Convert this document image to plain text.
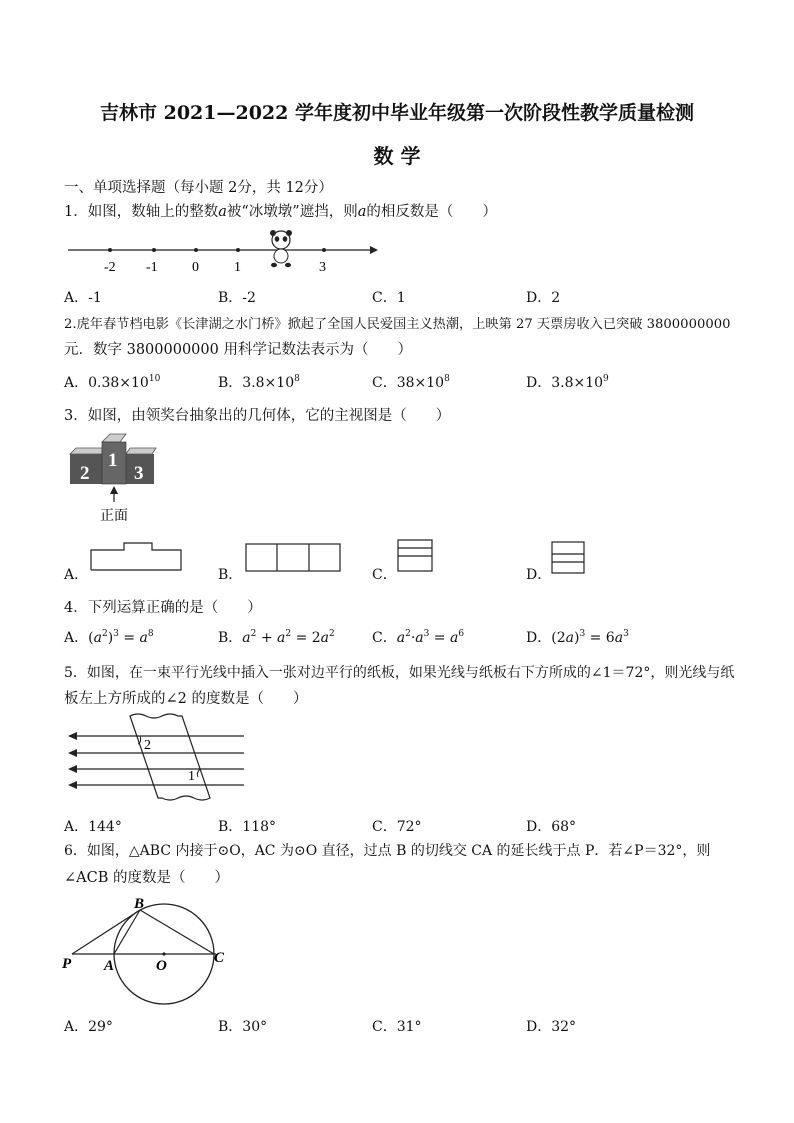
吉林市 2021—2022 学年度初中毕业年级第一次阶段性教学质量检测
数 学
一、单项选择题（每小题 2分，共 12分）
1．如图，数轴上的整数𝑎被“冰墩墩”遮挡，则𝑎的相反数是（　　）
-2 -1 0	1	3
A．-1	B．-2	C．1	D．2
2.虎年春节档电影《长津湖之水门桥》掀起了全国人民爱国主义热潮，上映第 27 天票房收入已突破 3800000000
元．数字 3800000000 用科学记数法表示为（　　）
A．$0.38\times 10^{10}$	B．$3.8\times 10^8$	C．$38\times 10^8$	D．$3.8\times 10^9$
3．如图，由领奖台抽象出的几何体，它的主视图是（　　）
2
1
3
正面
A．	B．	C．	D．
4．下列运算正确的是（　　）
A．$(a^2)^3 = a^8$	B．$a^2 + a^2 = 2a^2$	C．$a^2\cdot a^3 = a^6$	D．$(2a)^3 = 6a^3$
5．如图，在一束平行光线中插入一张对边平行的纸板，如果光线与纸板右下方所成的∠1＝72°，则光线与纸
板左上方所成的∠2 的度数是（　　）
2
1
A．144°	B．118°	C．72°	D．68°
6．如图，△ABC 内接于⊙O，AC 为⊙O 直径，过点 B 的切线交 CA 的延长线于点 P．若∠P＝32°，则
∠ACB 的度数是（　　）
B
P A	O	C
A．29°	B．30°	C．31°	D．32°
